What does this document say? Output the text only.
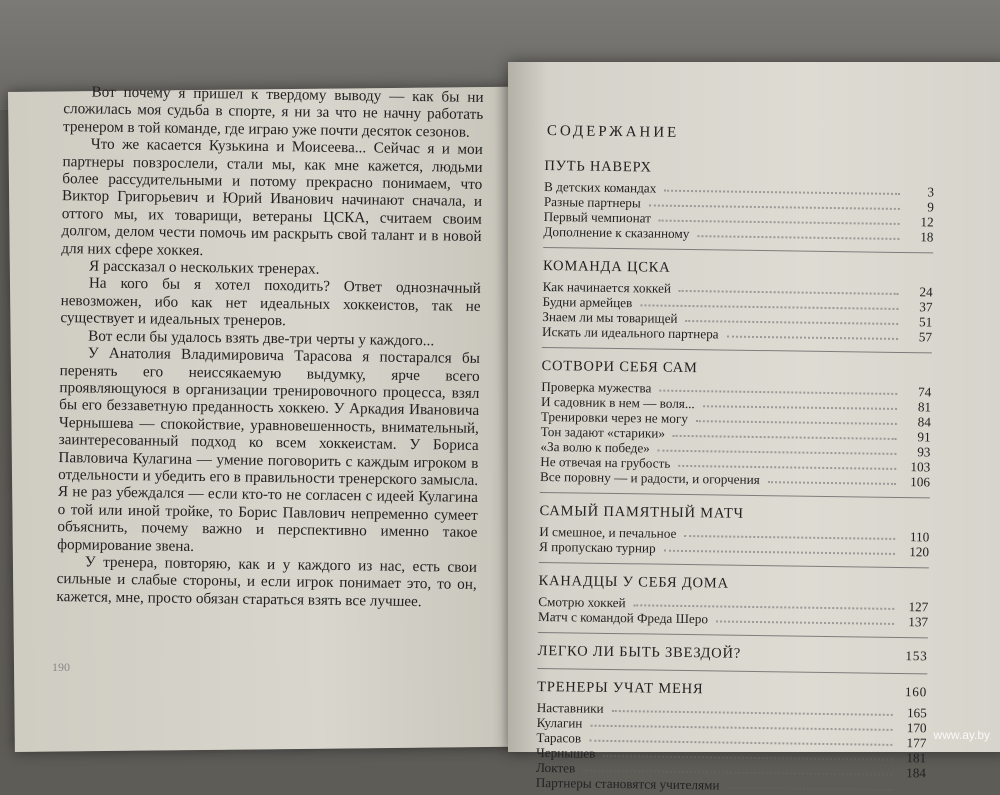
Вот почему я пришел к твердому выводу — как бы ни сложилась моя судьба в спорте, я ни за что не начну работать тренером в той команде, где играю уже почти десяток сезонов.

Что же касается Кузькина и Моисеева... Сейчас я и мои партнеры повзрослели, стали мы, как мне кажется, людьми более рассудительными и потому прекрасно понимаем, что Виктор Григорьевич и Юрий Иванович начинают сначала, и оттого мы, их товарищи, ветераны ЦСКА, считаем своим долгом, делом чести помочь им раскрыть свой талант и в новой для них сфере хоккея.

Я рассказал о нескольких тренерах.

На кого бы я хотел походить? Ответ однозначный невозможен, ибо как нет идеальных хоккеистов, так не существует и идеальных тренеров.

Вот если бы удалось взять две-три черты у каждого...

У Анатолия Владимировича Тарасова я постарался бы перенять его неиссякаемую выдумку, ярче всего проявляющуюся в организации тренировочного процесса, взял бы его беззаветную преданность хоккею. У Аркадия Ивановича Чернышева — спокойствие, уравновешенность, внимательный, заинтересованный подход ко всем хоккеистам. У Бориса Павловича Кулагина — умение поговорить с каждым игроком в отдельности и убедить его в правильности тренерского замысла. Я не раз убеждался — если кто-то не согласен с идеей Кулагина о той или иной тройке, то Борис Павлович непременно сумеет объяснить, почему важно и перспективно именно такое формирование звена.

У тренера, повторяю, как и у каждого из нас, есть свои сильные и слабые стороны, и если игрок понимает это, то он, кажется, мне, просто обязан стараться взять все лучшее.

190
СОДЕРЖАНИЕ
ПУТЬ НАВЕРХ
В детских командах	3
Разные партнеры	9
Первый чемпионат	12
Дополнение к сказанному	18
КОМАНДА ЦСКА
Как начинается хоккей	24
Будни армейцев	37
Знаем ли мы товарищей	51
Искать ли идеального партнера	57
СОТВОРИ СЕБЯ САМ
Проверка мужества	74
И садовник в нем — воля...	81
Тренировки через не могу	84
Тон задают «старики»	91
«За волю к победе»	93
Не отвечая на грубость	103
Все поровну — и радости, и огорчения	106
САМЫЙ ПАМЯТНЫЙ МАТЧ
И смешное, и печальное	110
Я пропускаю турнир	120
КАНАДЦЫ У СЕБЯ ДОМА
Смотрю хоккей	127
Матч с командой Фреда Шеро	137
ЛЕГКО ЛИ БЫТЬ ЗВЕЗДОЙ?	153
ТРЕНЕРЫ УЧАТ МЕНЯ	160
Наставники	165
Кулагин	170
Тарасов	177
Чернышев	181
Локтев	184
Партнеры становятся учителями
www.ay.by
